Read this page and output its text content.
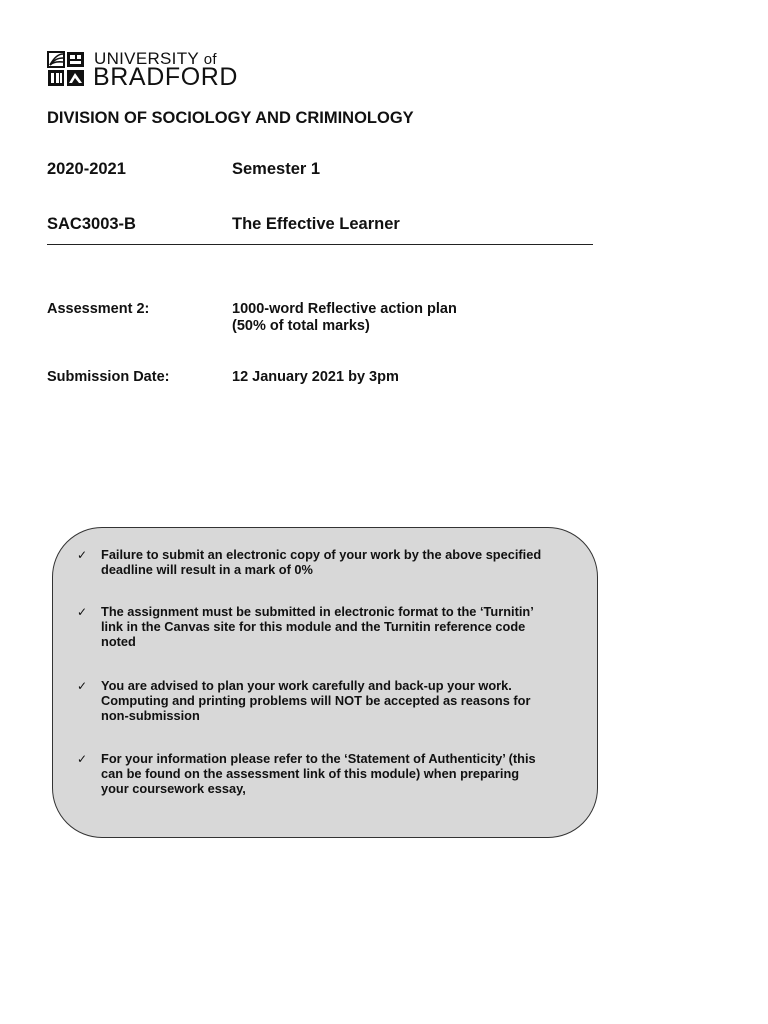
UNIVERSITY of
BRADFORD
DIVISION OF SOCIOLOGY AND CRIMINOLOGY
2020-2021	Semester 1
SAC3003-B	The Effective Learner
Assessment 2:	1000-word Reflective action plan
(50% of total marks)
Submission Date:	12 January 2021 by 3pm
✓ Failure to submit an electronic copy of your work by the above specified
deadline will result in a mark of 0%
✓ The assignment must be submitted in electronic format to the ‘Turnitin’
link in the Canvas site for this module and the Turnitin reference code
noted
✓ You are advised to plan your work carefully and back-up your work.
Computing and printing problems will NOT be accepted as reasons for
non-submission
✓ For your information please refer to the ‘Statement of Authenticity’ (this
can be found on the assessment link of this module) when preparing
your coursework essay,
